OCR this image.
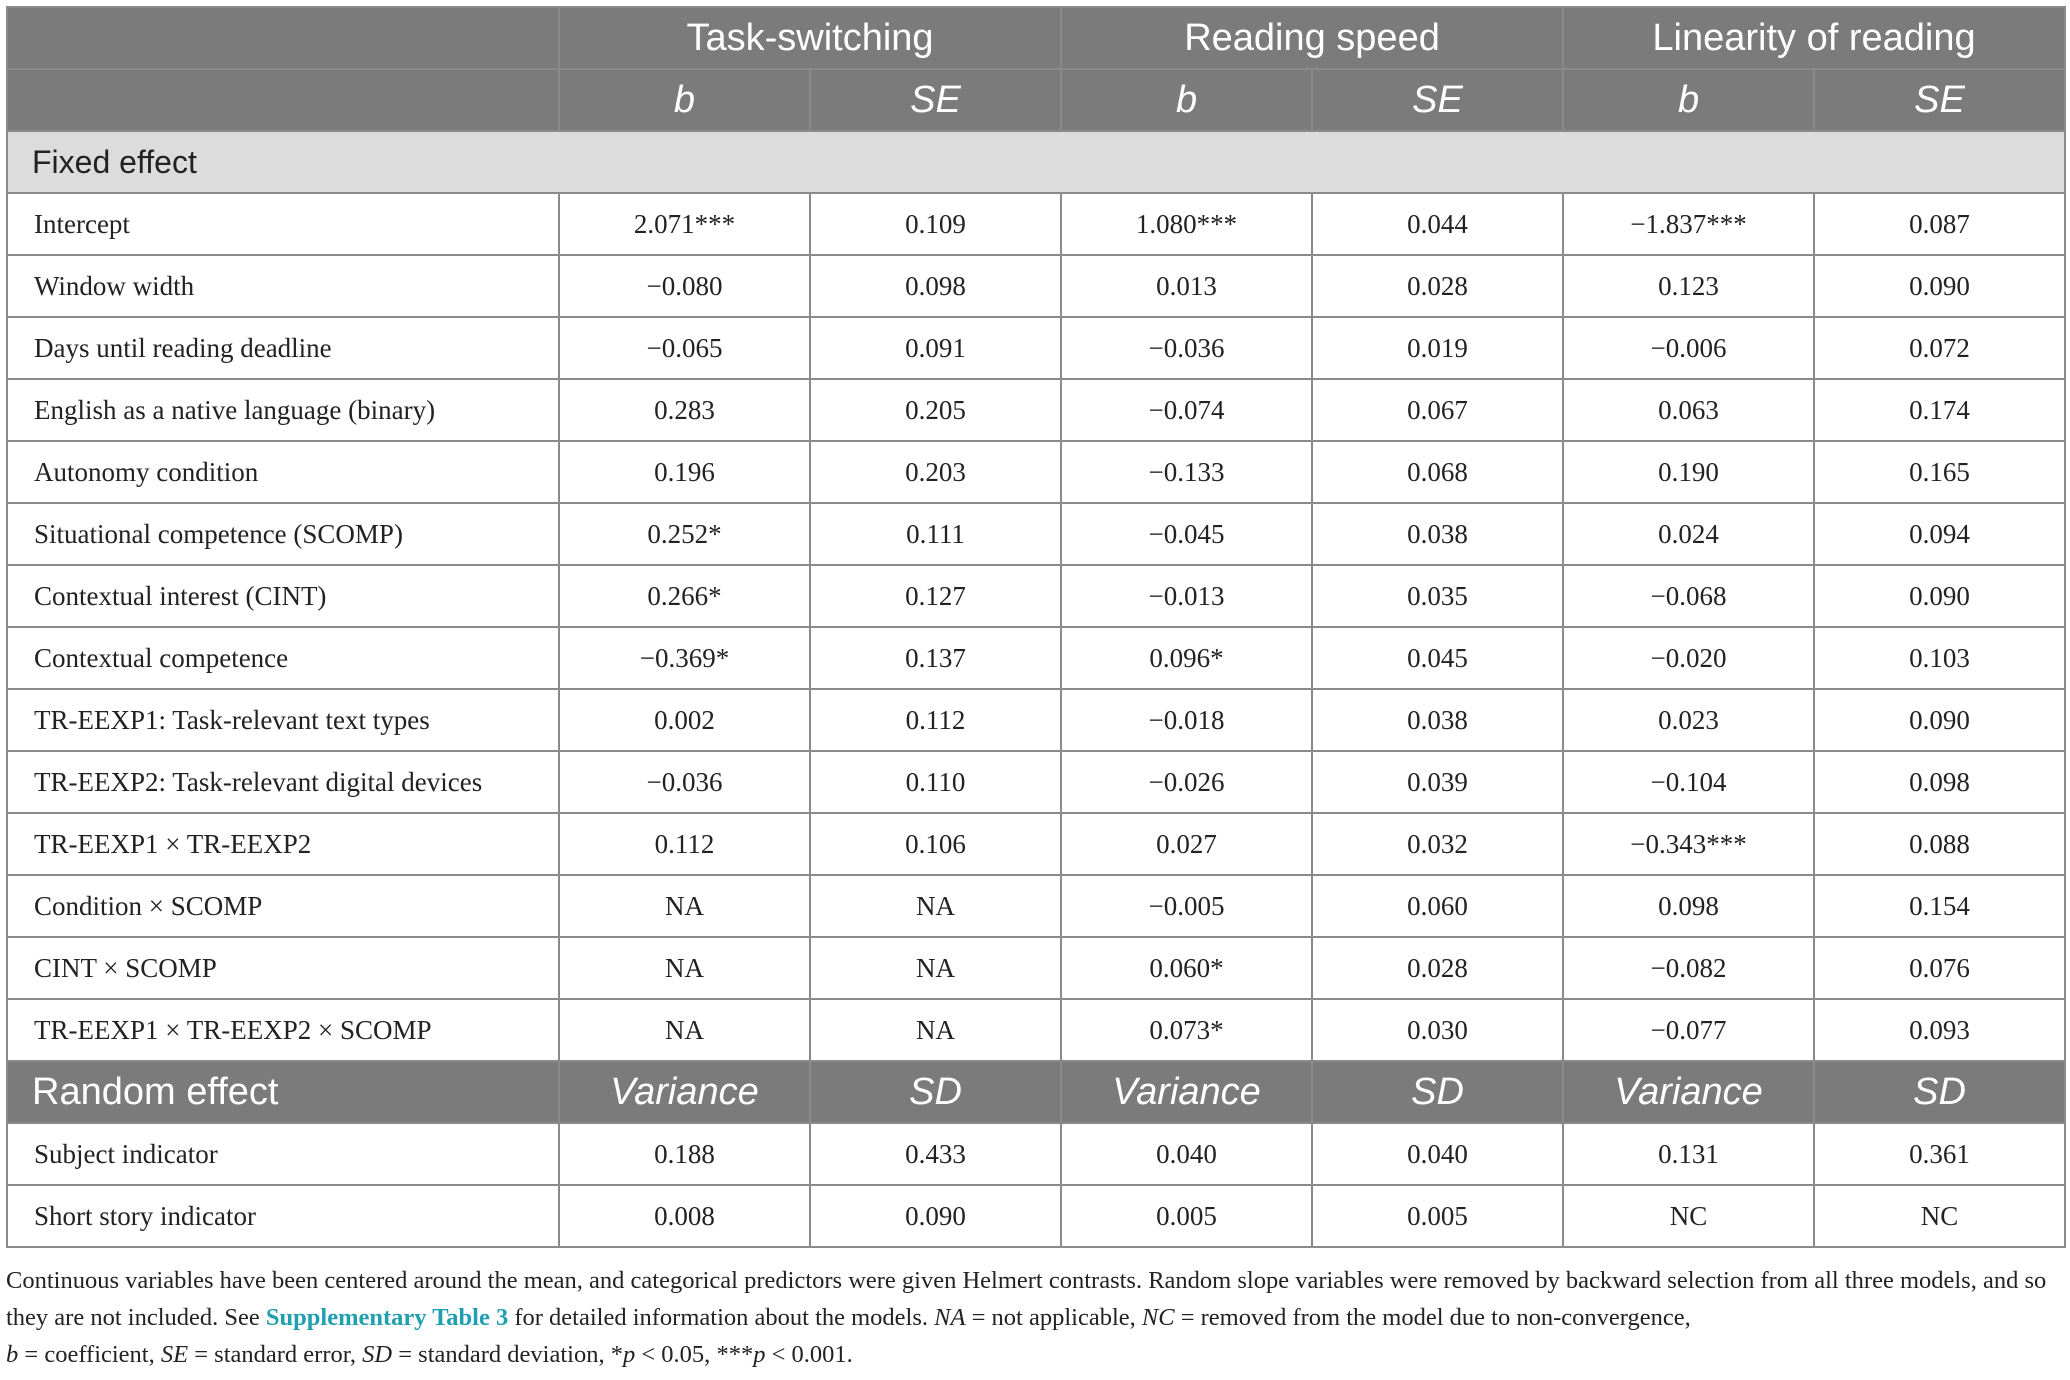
	Task-switching		Reading speed		Linearity of reading	
	b	SE	b	SE	b	SE
Fixed effect						
Intercept	2.071***	0.109	1.080***	0.044	−1.837***	0.087
Window width	−0.080	0.098	0.013	0.028	0.123	0.090
Days until reading deadline	−0.065	0.091	−0.036	0.019	−0.006	0.072
English as a native language (binary)	0.283	0.205	−0.074	0.067	0.063	0.174
Autonomy condition	0.196	0.203	−0.133	0.068	0.190	0.165
Situational competence (SCOMP)	0.252*	0.111	−0.045	0.038	0.024	0.094
Contextual interest (CINT)	0.266*	0.127	−0.013	0.035	−0.068	0.090
Contextual competence	−0.369*	0.137	0.096*	0.045	−0.020	0.103
TR-EEXP1: Task-relevant text types	0.002	0.112	−0.018	0.038	0.023	0.090
TR-EEXP2: Task-relevant digital devices	−0.036	0.110	−0.026	0.039	−0.104	0.098
TR-EEXP1 × TR-EEXP2	0.112	0.106	0.027	0.032	−0.343***	0.088
Condition × SCOMP	NA	NA	−0.005	0.060	0.098	0.154
CINT × SCOMP	NA	NA	0.060*	0.028	−0.082	0.076
TR-EEXP1 × TR-EEXP2 × SCOMP	NA	NA	0.073*	0.030	−0.077	0.093
Random effect	Variance	SD	Variance	SD	Variance	SD
Subject indicator	0.188	0.433	0.040	0.040	0.131	0.361
Short story indicator	0.008	0.090	0.005	0.005	NC	NC
Continuous variables have been centered around the mean, and categorical predictors were given Helmert contrasts. Random slope variables were removed by backward selection from all three models, and so they are not included. See Supplementary Table 3 for detailed information about the models. NA = not applicable, NC = removed from the model due to non-convergence,
b = coefficient, SE = standard error, SD = standard deviation, *p < 0.05, ***p < 0.001.
